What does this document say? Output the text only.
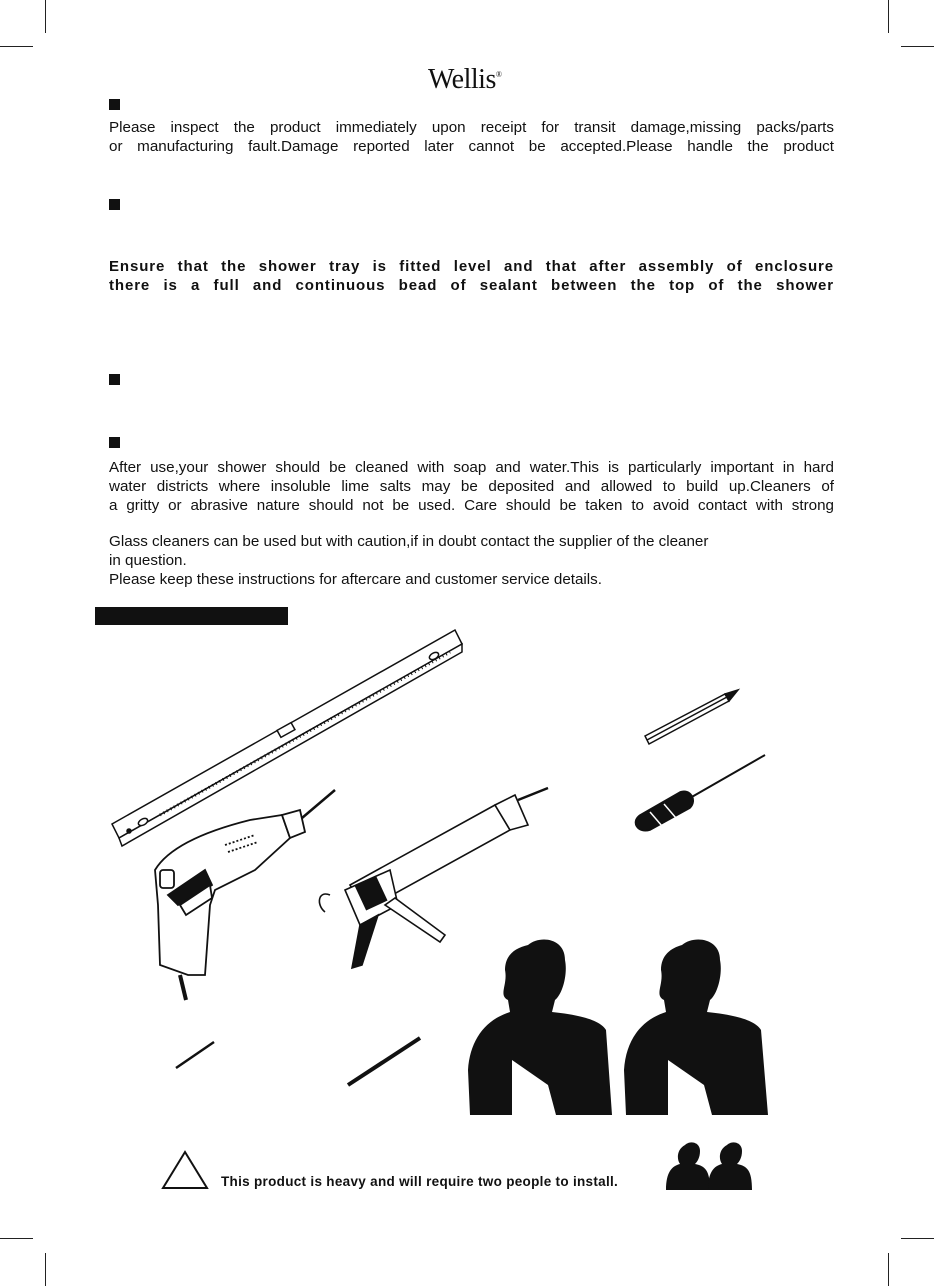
Wellis®
Please inspect the product immediately upon receipt for transit damage,missing packs/parts
or manufacturing fault.Damage reported later cannot be accepted.Please handle the product
Ensure that the shower tray is fitted level and that after assembly of enclosure
there is a full and continuous bead of sealant between the top of the shower
After use,your shower should be cleaned with soap and water.This is particularly important in hard
water districts where insoluble lime salts may be deposited and allowed to build up.Cleaners of
a gritty or abrasive nature should not be used. Care should be taken to avoid contact with strong
Glass cleaners can be used but with caution,if in doubt contact the supplier of the cleaner
in question.
Please keep these instructions for aftercare and customer service details.
This product is heavy and will require two people to install.
